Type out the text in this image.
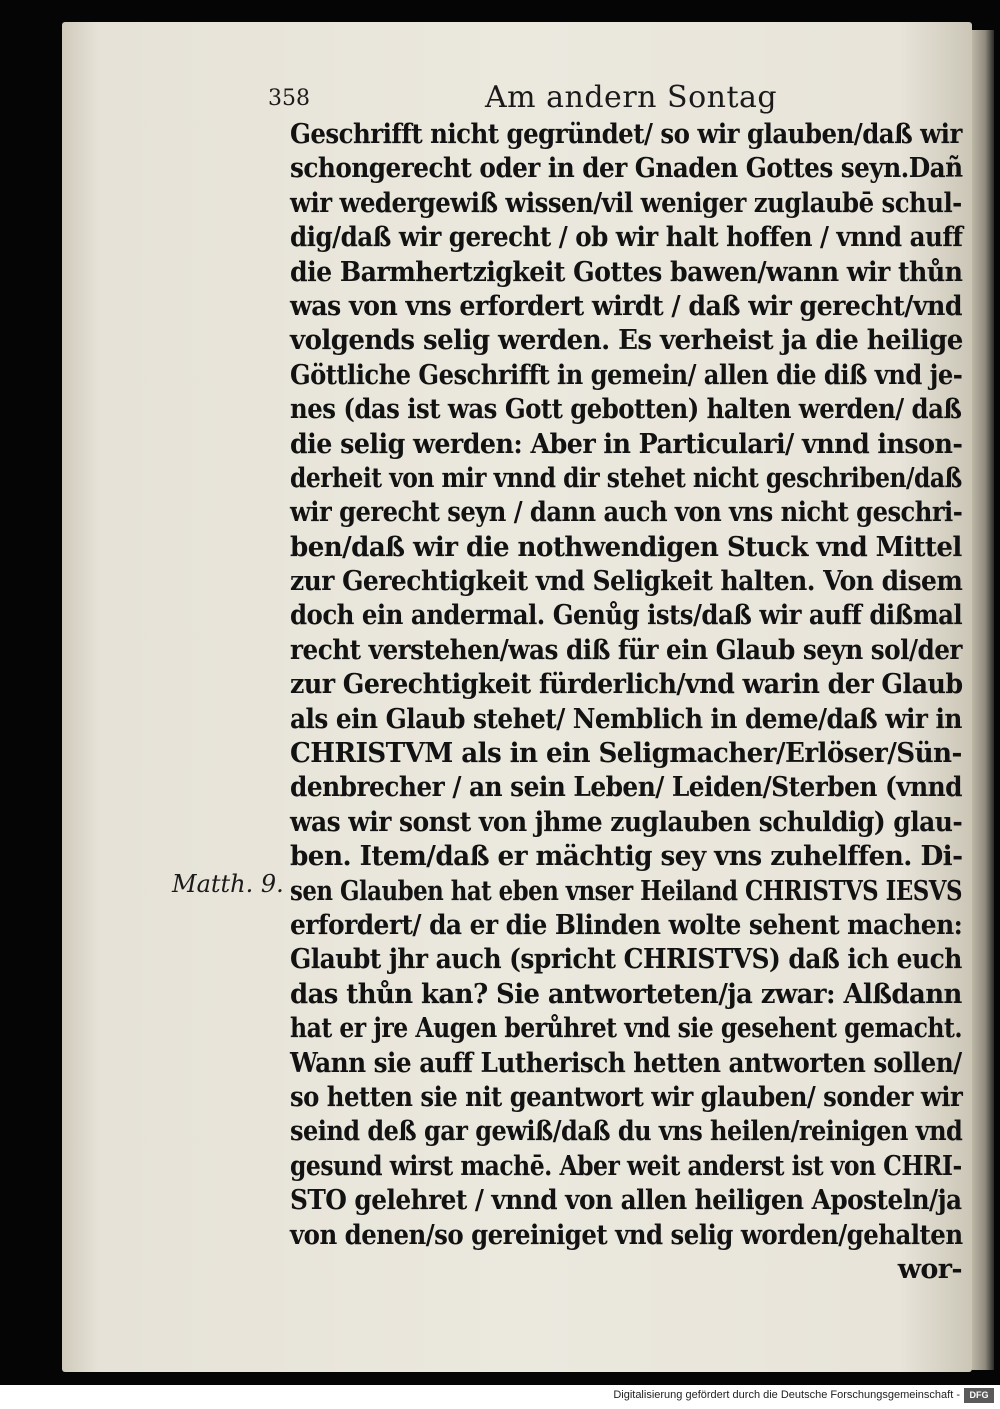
358	Am andern Sontag
Matth. 9.
Geschrifft nicht gegründet/ so wir glauben/daß wir
schongerecht oder in der Gnaden Gottes seyn.Dañ
wir wedergewiß wissen/vil weniger zuglaubē schul-
dig/daß wir gerecht / ob wir halt hoffen / vnnd auff
die Barmhertzigkeit Gottes bawen/wann wir thůn
was von vns erfordert wirdt / daß wir gerecht/vnd
volgends selig werden. Es verheist ja die heilige
Göttliche Geschrifft in gemein/ allen die diß vnd je-
nes (das ist was Gott gebotten) halten werden/ daß
die selig werden: Aber in Particulari/ vnnd inson-
derheit von mir vnnd dir stehet nicht geschriben/daß
wir gerecht seyn / dann auch von vns nicht geschri-
ben/daß wir die nothwendigen Stuck vnd Mittel
zur Gerechtigkeit vnd Seligkeit halten. Von disem
doch ein andermal. Genůg ists/daß wir auff dißmal
recht verstehen/was diß für ein Glaub seyn sol/der
zur Gerechtigkeit fürderlich/vnd warin der Glaub
als ein Glaub stehet/ Nemblich in deme/daß wir in
CHRISTVM als in ein Seligmacher/Erlöser/Sün-
denbrecher / an sein Leben/ Leiden/Sterben (vnnd
was wir sonst von jhme zuglauben schuldig) glau-
ben. Item/daß er mächtig sey vns zuhelffen. Di-
sen Glauben hat eben vnser Heiland CHRISTVS IESVS
erfordert/ da er die Blinden wolte sehent machen:
Glaubt jhr auch (spricht CHRISTVS) daß ich euch
das thůn kan? Sie antworteten/ja zwar: Alßdann
hat er jre Augen berůhret vnd sie gesehent gemacht.
Wann sie auff Lutherisch hetten antworten sollen/
so hetten sie nit geantwort wir glauben/ sonder wir
seind deß gar gewiß/daß du vns heilen/reinigen vnd
gesund wirst machē. Aber weit anderst ist von CHRI-
STO gelehret / vnnd von allen heiligen Aposteln/ja
von denen/so gereiniget vnd selig worden/gehalten
wor-
Digitalisierung gefördert durch die Deutsche Forschungsgemeinschaft -	DFG
